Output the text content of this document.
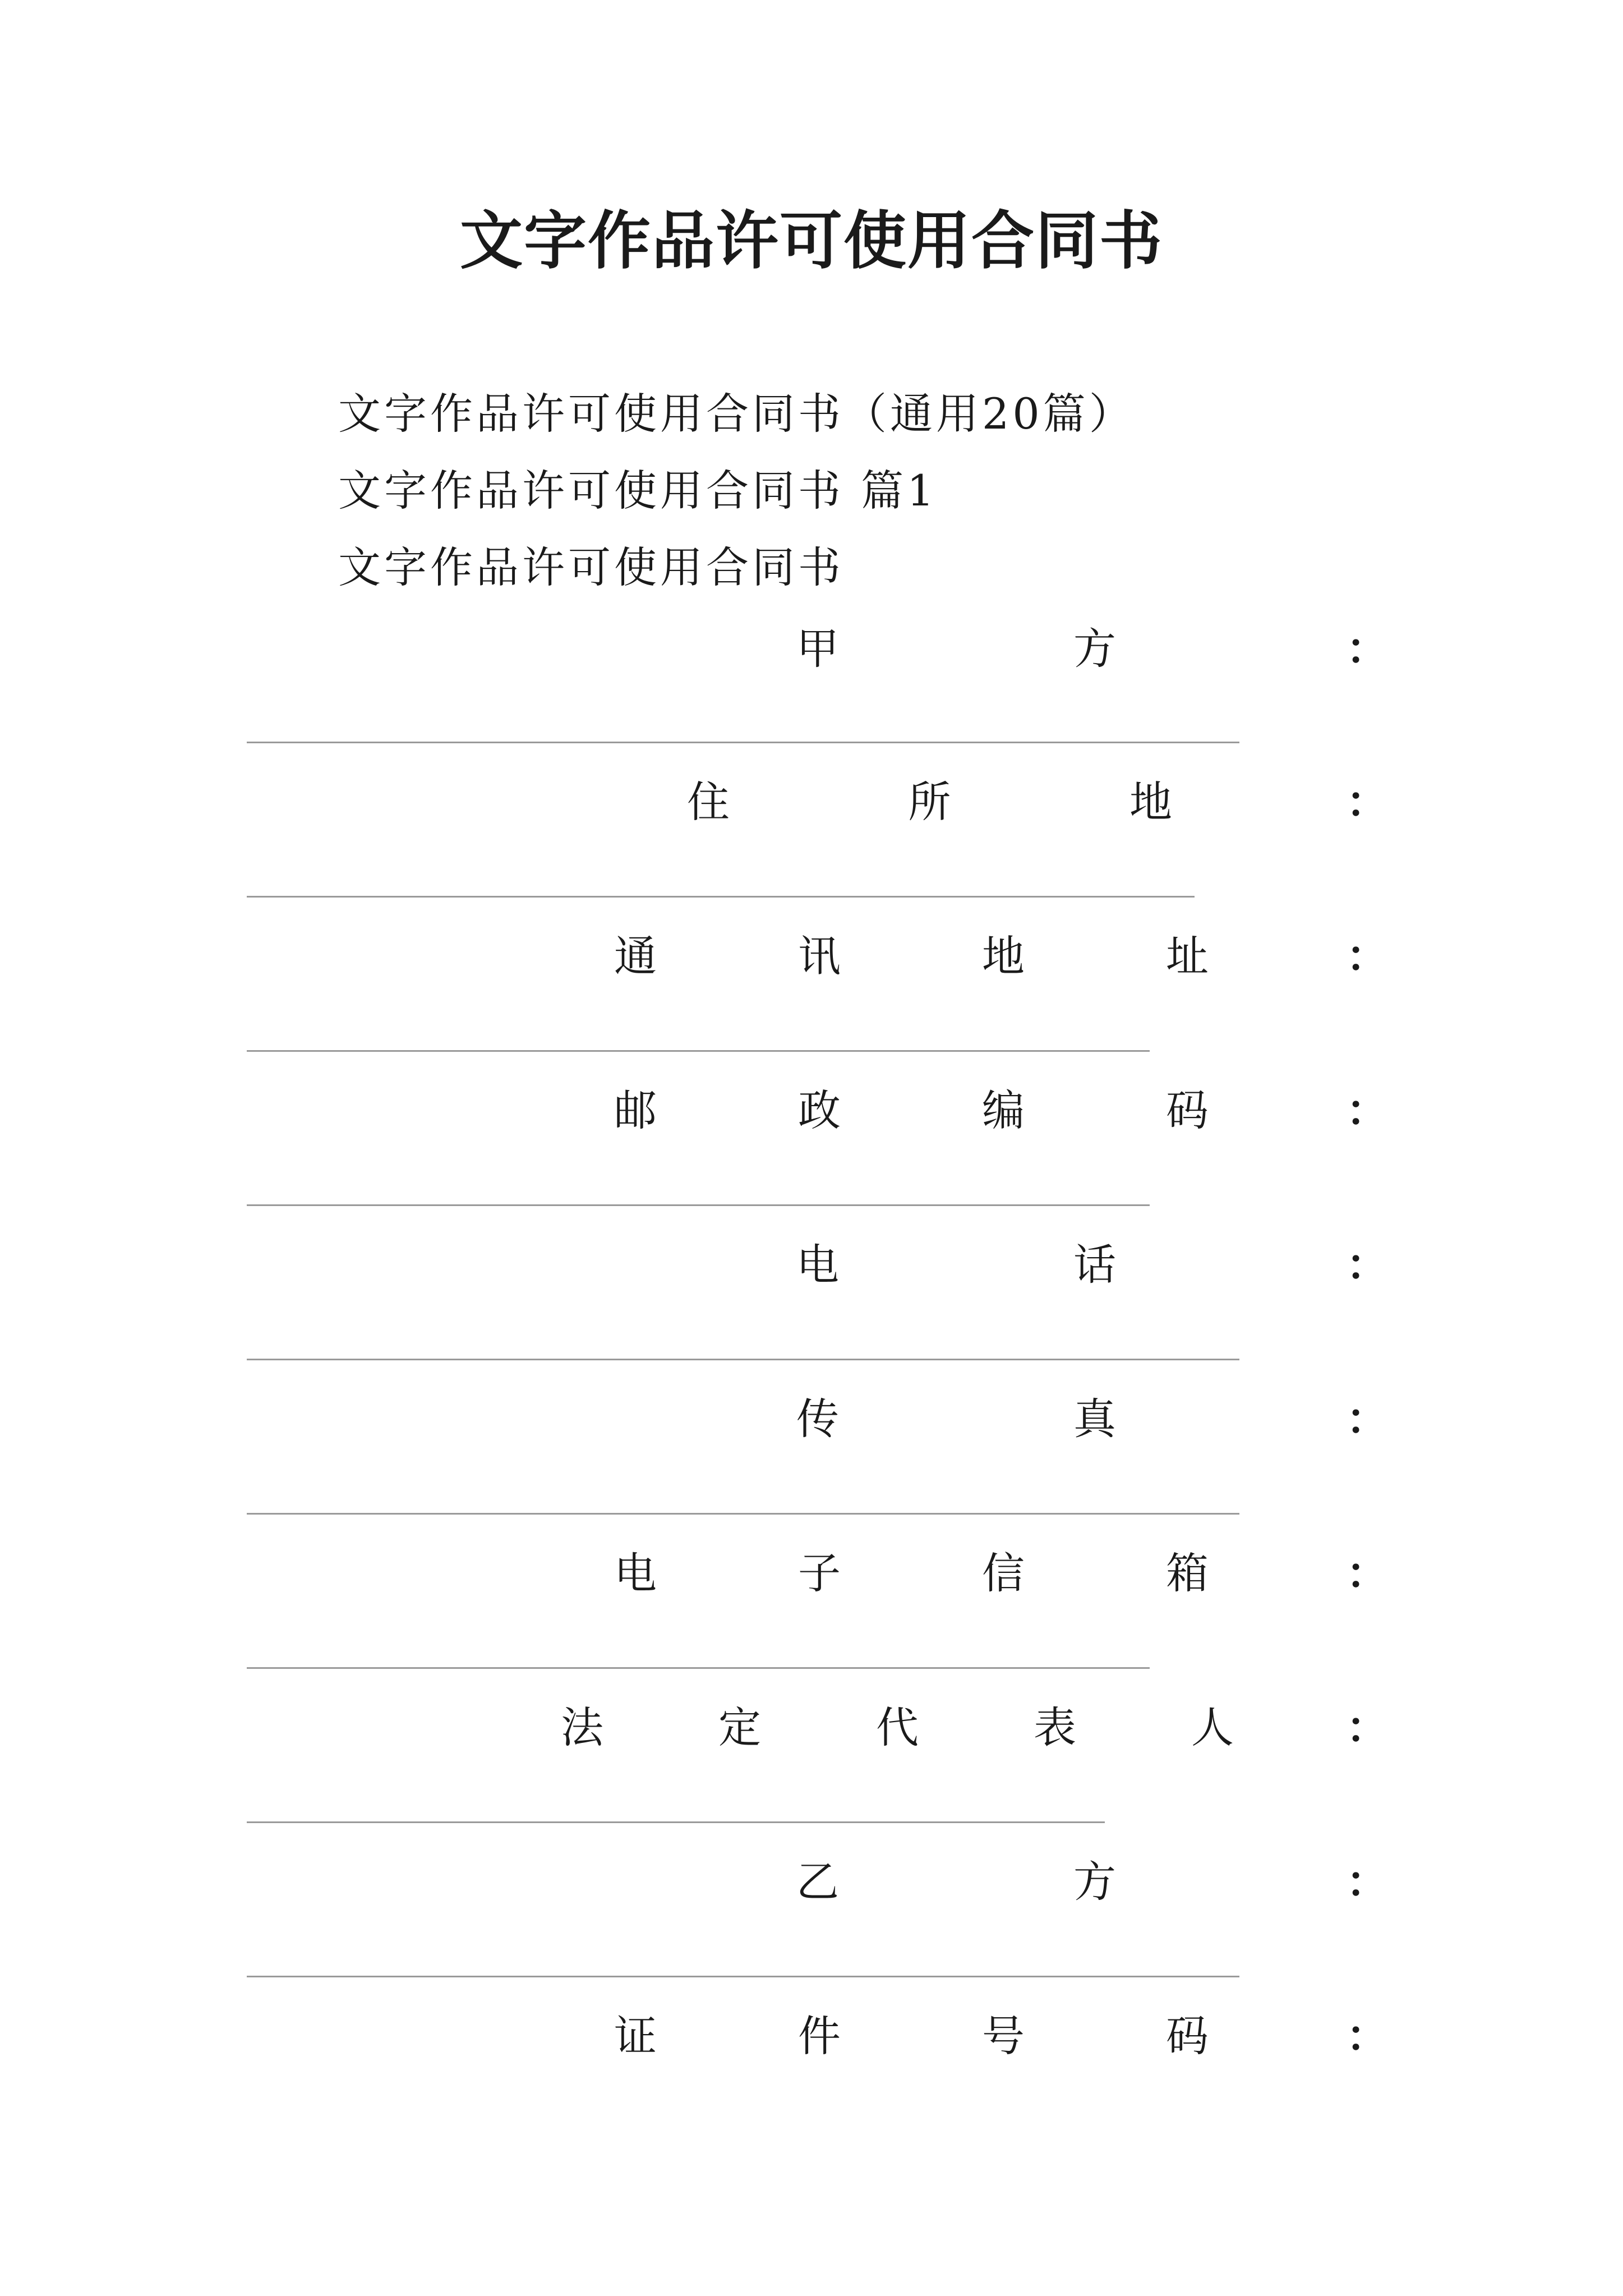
文字作品许可使用合同书
文字作品许可使用合同书（通用20篇）
文字作品许可使用合同书 篇1
文字作品许可使用合同书
甲	方	：
住	所	地	：
通	讯	地	址	：
邮	政	编	码	：
电	话	：
传	真	：
电	子	信	箱	：
法	定	代	表	人	：
乙	方	：
证	件	号	码	：
